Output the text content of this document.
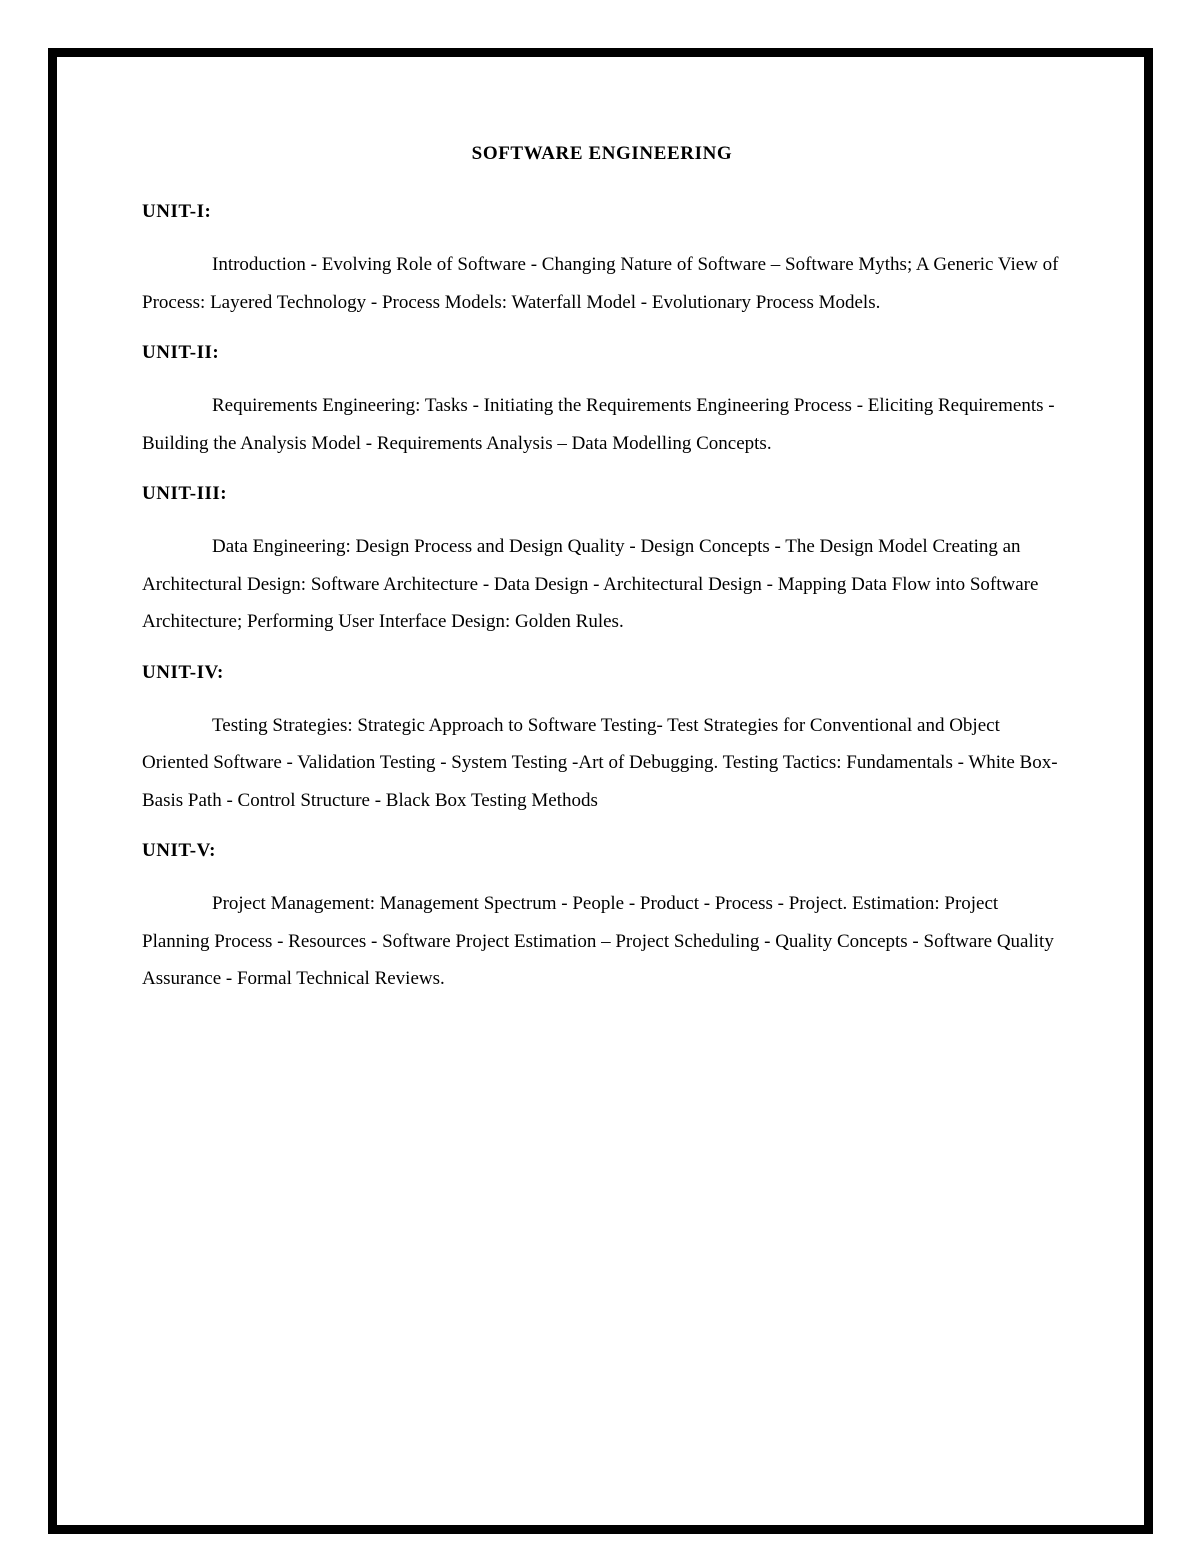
SOFTWARE ENGINEERING
UNIT-I:

Introduction - Evolving Role of Software - Changing Nature of Software – Software Myths; A Generic View of Process: Layered Technology - Process Models: Waterfall Model - Evolutionary Process Models.

UNIT-II:

Requirements Engineering: Tasks - Initiating the Requirements Engineering Process - Eliciting Requirements - Building the Analysis Model - Requirements Analysis – Data Modelling Concepts.

UNIT-III:

Data Engineering: Design Process and Design Quality - Design Concepts - The Design Model Creating an Architectural Design: Software Architecture - Data Design - Architectural Design - Mapping Data Flow into Software Architecture; Performing User Interface Design: Golden Rules.

UNIT-IV:

Testing Strategies: Strategic Approach to Software Testing- Test Strategies for Conventional and Object Oriented Software - Validation Testing - System Testing -Art of Debugging. Testing Tactics: Fundamentals - White Box- Basis Path - Control Structure - Black Box Testing Methods

UNIT-V:

Project Management: Management Spectrum - People - Product - Process - Project. Estimation: Project Planning Process - Resources - Software Project Estimation – Project Scheduling - Quality Concepts - Software Quality Assurance - Formal Technical Reviews.
